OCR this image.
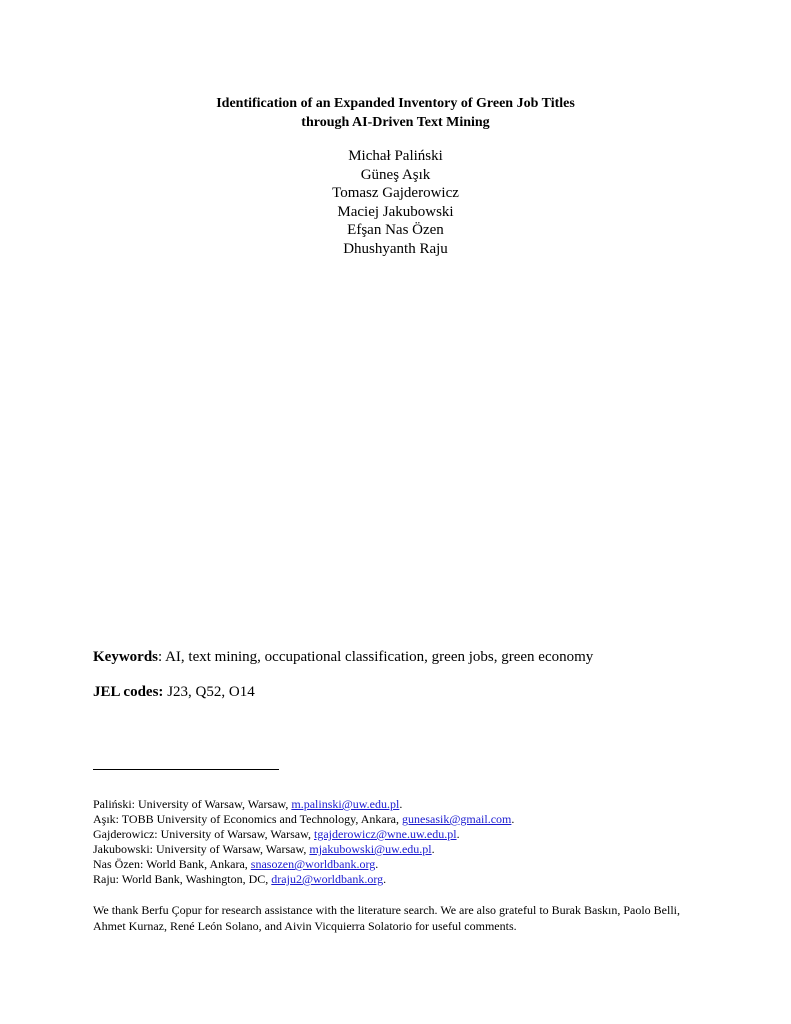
Identification of an Expanded Inventory of Green Job Titles
through AI-Driven Text Mining
Michał Paliński
Güneş Aşık
Tomasz Gajderowicz
Maciej Jakubowski
Efşan Nas Özen
Dhushyanth Raju
Keywords: AI, text mining, occupational classification, green jobs, green economy
JEL codes: J23, Q52, O14
Paliński: University of Warsaw, Warsaw, m.palinski@uw.edu.pl.
Aşık: TOBB University of Economics and Technology, Ankara, gunesasik@gmail.com.
Gajderowicz: University of Warsaw, Warsaw, tgajderowicz@wne.uw.edu.pl.
Jakubowski: University of Warsaw, Warsaw, mjakubowski@uw.edu.pl.
Nas Özen: World Bank, Ankara, snasozen@worldbank.org.
Raju: World Bank, Washington, DC, draju2@worldbank.org.
We thank Berfu Çopur for research assistance with the literature search. We are also grateful to Burak Baskın, Paolo Belli, Ahmet Kurnaz, René León Solano, and Aivin Vicquierra Solatorio for useful comments.
